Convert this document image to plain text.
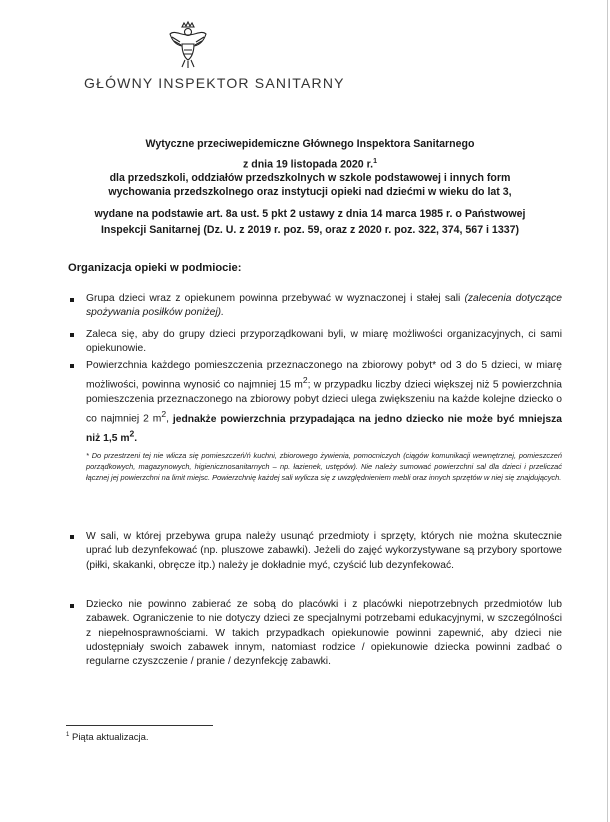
GŁÓWNY INSPEKTOR SANITARNY
Wytyczne przeciwepidemiczne Głównego Inspektora Sanitarnego
z dnia 19 listopada 2020 r.$^1$
dla przedszkoli, oddziałów przedszkolnych w szkole podstawowej i innych form
wychowania przedszkolnego oraz instytucji opieki nad dziećmi w wieku do lat 3,
wydane na podstawie art. 8a ust. 5 pkt 2 ustawy z dnia 14 marca 1985 r. o Państwowej
Inspekcji Sanitarnej (Dz. U. z 2019 r. poz. 59, oraz z 2020 r. poz. 322, 374, 567 i 1337)
Organizacja opieki w podmiocie:
Grupa dzieci wraz z opiekunem powinna przebywać w wyznaczonej i stałej sali (zalecenia dotyczące spożywania posiłków poniżej).
Zaleca się, aby do grupy dzieci przyporządkowani byli, w miarę możliwości organizacyjnych, ci sami opiekunowie.
Powierzchnia każdego pomieszczenia przeznaczonego na zbiorowy pobyt* od 3 do 5 dzieci, w miarę możliwości, powinna wynosić co najmniej 15 $m^2$; w przypadku liczby dzieci większej niż 5 powierzchnia pomieszczenia przeznaczonego na zbiorowy pobyt dzieci ulega zwiększeniu na każde kolejne dziecko o co najmniej 2 $m^2$, jednakże powierzchnia przypadająca na jedno dziecko nie może być mniejsza niż 1,5 $m^2$.
* Do przestrzeni tej nie wlicza się pomieszczeń/ń kuchni, zbiorowego żywienia, pomocniczych (ciągów komunikacji wewnętrznej, pomieszczeń porządkowych, magazynowych, higienicznosanitarnych – np. łazienek, ustępów). Nie należy sumować powierzchni sal dla dzieci i przeliczać łącznej jej powierzchni na limit miejsc. Powierzchnię każdej sali wylicza się z uwzględnieniem mebli oraz innych sprzętów w niej się znajdujących.
W sali, w której przebywa grupa należy usunąć przedmioty i sprzęty, których nie można skutecznie uprać lub dezynfekować (np. pluszowe zabawki). Jeżeli do zajęć wykorzystywane są przybory sportowe (piłki, skakanki, obręcze itp.) należy je dokładnie myć, czyścić lub dezynfekować.
Dziecko nie powinno zabierać ze sobą do placówki i z placówki niepotrzebnych przedmiotów lub zabawek. Ograniczenie to nie dotyczy dzieci ze specjalnymi potrzebami edukacyjnymi, w szczególności z niepełnosprawnościami. W takich przypadkach opiekunowie powinni zapewnić, aby dzieci nie udostępniały swoich zabawek innym, natomiast rodzice / opiekunowie dziecka powinni zadbać o regularne czyszczenie / pranie / dezynfekcję zabawki.
$^1$ Piąta aktualizacja.
